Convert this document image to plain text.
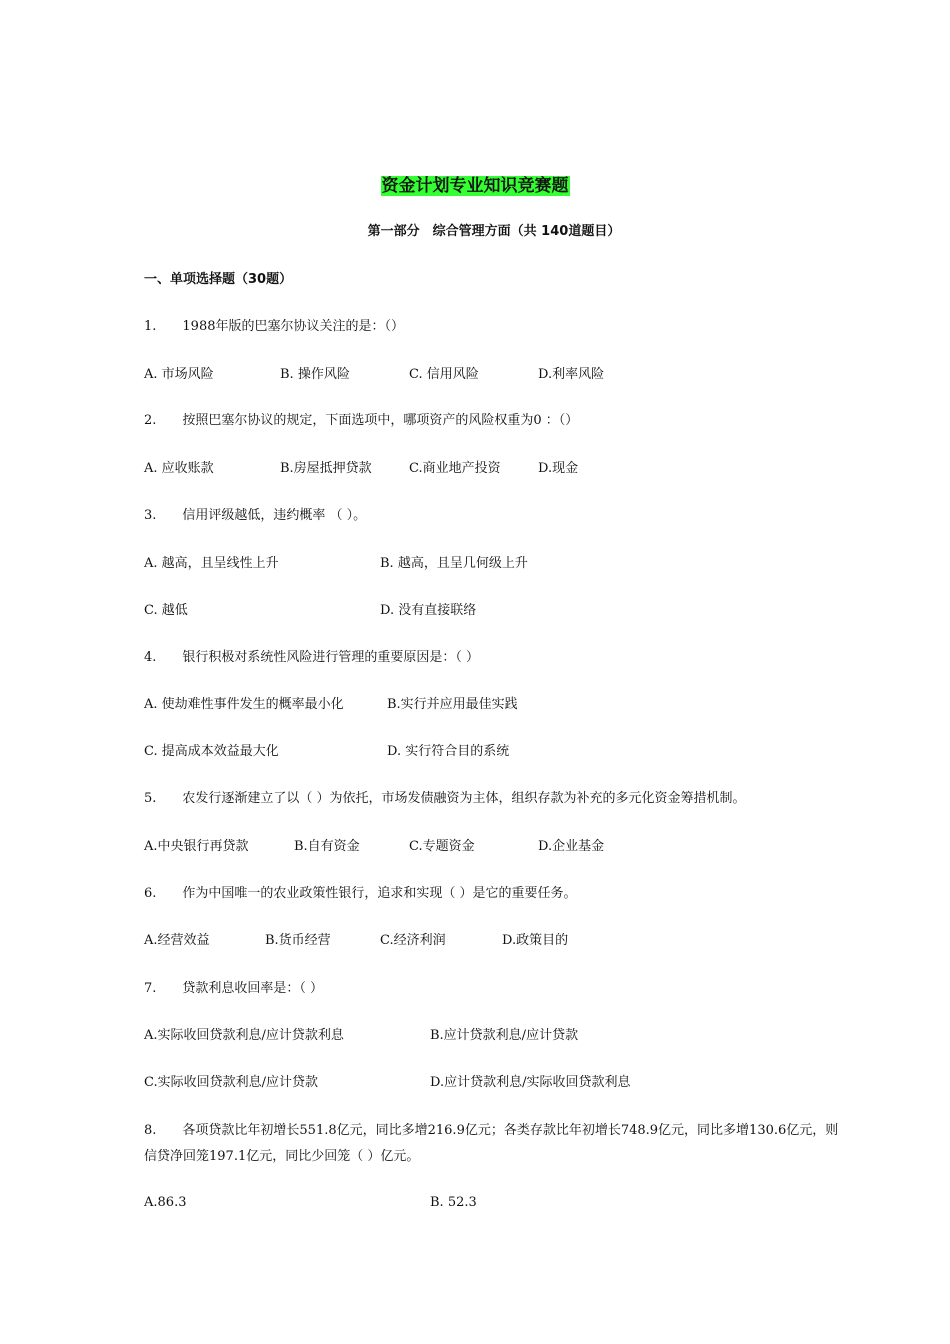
资金计划专业知识竞赛题
第一部分　综合管理方面（共 140道题目）
一、单项选择题（30题）
1.　　1988年版的巴塞尔协议关注的是：（）
A. 市场风险	B. 操作风险	C. 信用风险	D.利率风险
2.　　按照巴塞尔协议的规定，下面选项中，哪项资产的风险权重为0 ：（）
A. 应收账款	B.房屋抵押贷款	C.商业地产投资	D.现金
3.　　信用评级越低，违约概率 （ ）。
A. 越高，且呈线性上升	B. 越高，且呈几何级上升
C. 越低	D. 没有直接联络
4.　　银行积极对系统性风险进行管理的重要原因是：（ ）
A. 使劫难性事件发生的概率最小化	B.实行并应用最佳实践
C. 提高成本效益最大化	D. 实行符合目的系统
5.　　农发行逐渐建立了以（ ）为依托，市场发债融资为主体，组织存款为补充的多元化资金筹措机制。
A.中央银行再贷款	B.自有资金	C.专题资金	D.企业基金
6.　　作为中国唯一的农业政策性银行，追求和实现（ ）是它的重要任务。
A.经营效益	B.货币经营	C.经济利润	D.政策目的
7.　　贷款利息收回率是：（ ）
A.实际收回贷款利息/应计贷款利息	B.应计贷款利息/应计贷款
C.实际收回贷款利息/应计贷款	D.应计贷款利息/实际收回贷款利息
8.　　各项贷款比年初增长551.8亿元，同比多增216.9亿元；各类存款比年初增长748.9亿元，同比多增130.6亿元，则信贷净回笼197.1亿元，同比少回笼（ ）亿元。
A.86.3	B. 52.3
